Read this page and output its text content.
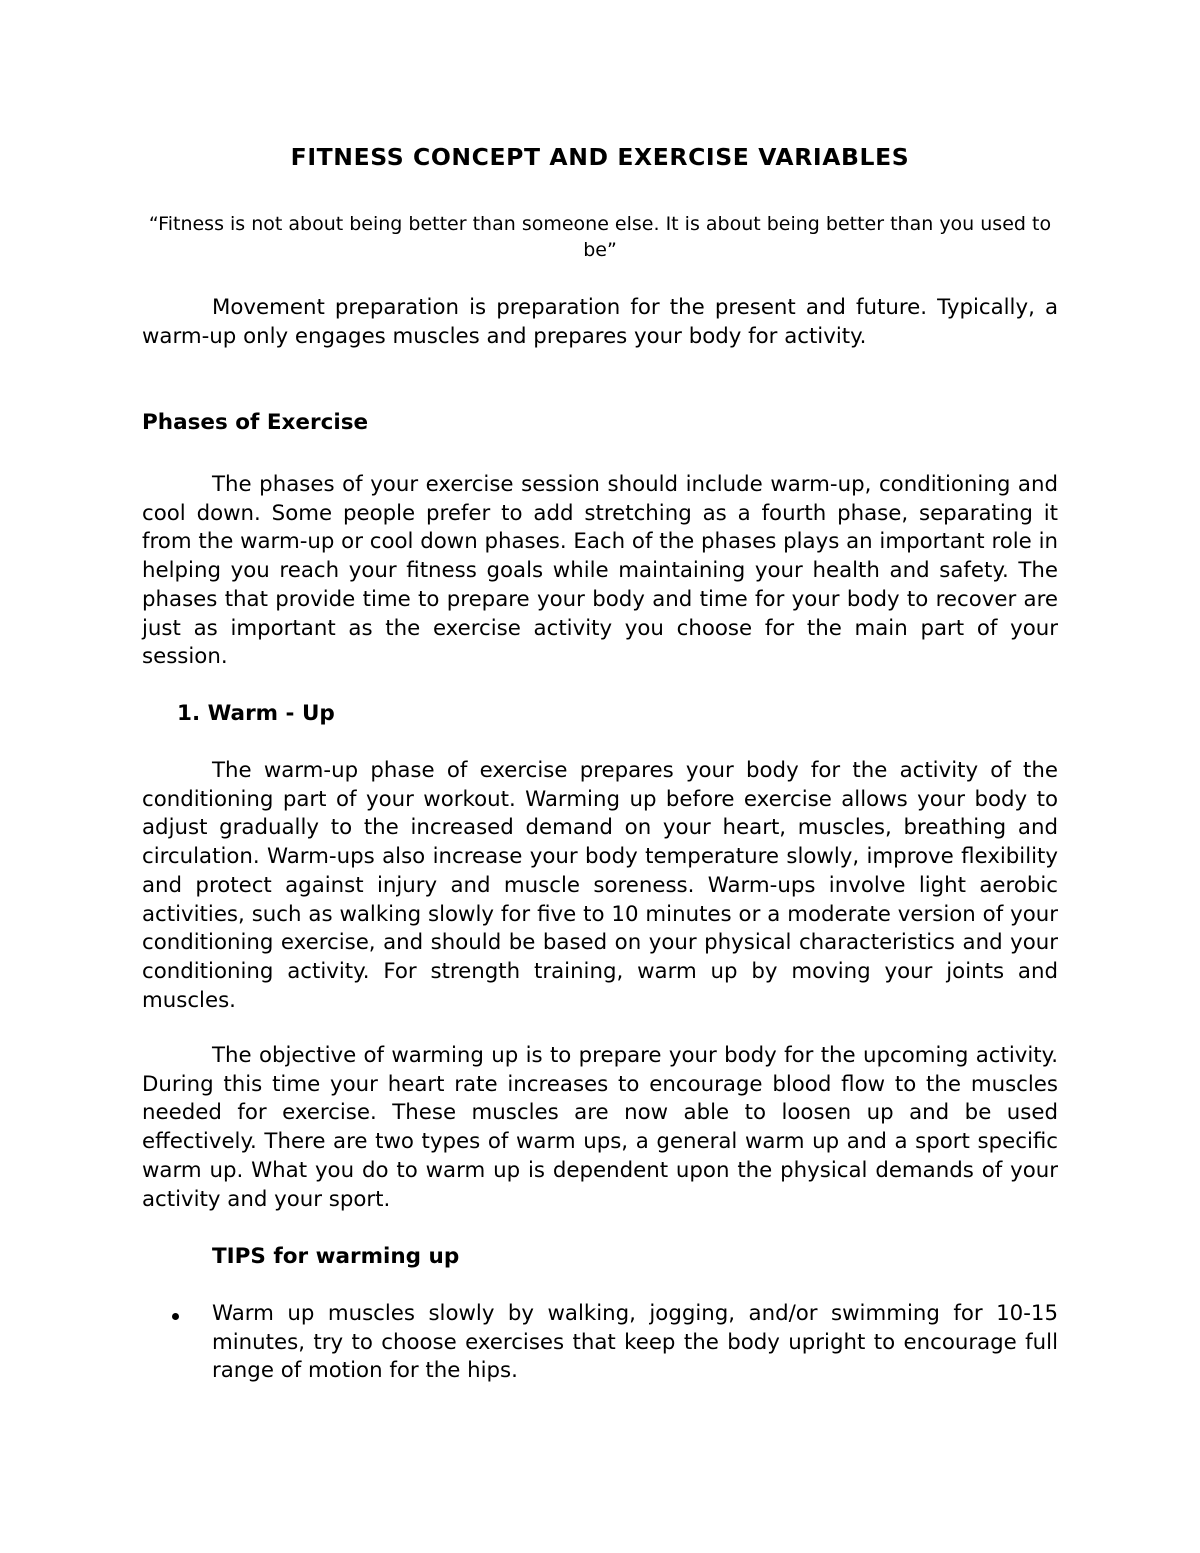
FITNESS CONCEPT AND EXERCISE VARIABLES

“Fitness is not about being better than someone else. It is about being better than you used to be”

Movement preparation is preparation for the present and future. Typically, a warm-up only engages muscles and prepares your body for activity.

Phases of Exercise

The phases of your exercise session should include warm-up, conditioning and cool down. Some people prefer to add stretching as a fourth phase, separating it from the warm-up or cool down phases. Each of the phases plays an important role in helping you reach your fitness goals while maintaining your health and safety. The phases that provide time to prepare your body and time for your body to recover are just as important as the exercise activity you choose for the main part of your session.

1. Warm - Up

The warm-up phase of exercise prepares your body for the activity of the conditioning part of your workout. Warming up before exercise allows your body to adjust gradually to the increased demand on your heart, muscles, breathing and circulation. Warm-ups also increase your body temperature slowly, improve flexibility and protect against injury and muscle soreness. Warm-ups involve light aerobic activities, such as walking slowly for five to 10 minutes or a moderate version of your conditioning exercise, and should be based on your physical characteristics and your conditioning activity. For strength training, warm up by moving your joints and muscles.

The objective of warming up is to prepare your body for the upcoming activity. During this time your heart rate increases to encourage blood flow to the muscles needed for exercise. These muscles are now able to loosen up and be used effectively. There are two types of warm ups, a general warm up and a sport specific warm up. What you do to warm up is dependent upon the physical demands of your activity and your sport.

TIPS for warming up

Warm up muscles slowly by walking, jogging, and/or swimming for 10-15 minutes, try to choose exercises that keep the body upright to encourage full range of motion for the hips.
